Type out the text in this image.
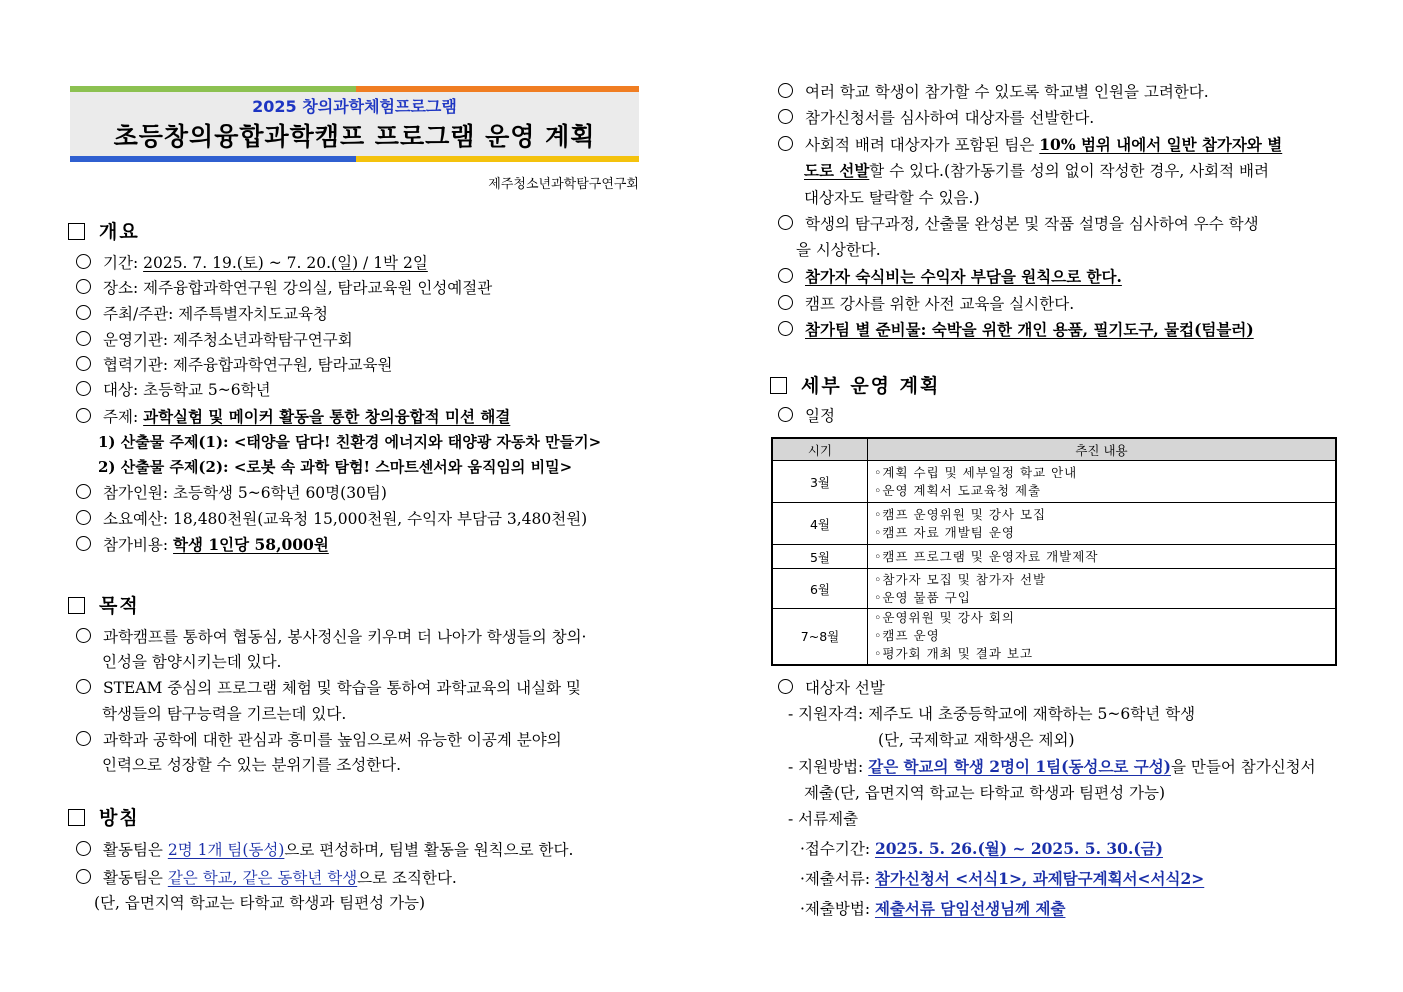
2025 창의과학체험프로그램
초등창의융합과학캠프 프로그램 운영 계획
제주청소년과학탐구연구회
개요
기간: 2025. 7. 19.(토) ~ 7. 20.(일) / 1박 2일
장소: 제주융합과학연구원 강의실, 탐라교육원 인성예절관
주최/주관: 제주특별자치도교육청
운영기관: 제주청소년과학탐구연구회
협력기관: 제주융합과학연구원, 탐라교육원
대상: 초등학교 5~6학년
주제: 과학실험 및 메이커 활동을 통한 창의융합적 미션 해결
1) 산출물 주제(1): <태양을 담다! 친환경 에너지와 태양광 자동차 만들기>
2) 산출물 주제(2): <로봇 속 과학 탐험! 스마트센서와 움직임의 비밀>
참가인원: 초등학생 5~6학년 60명(30팀)
소요예산: 18,480천원(교육청 15,000천원, 수익자 부담금 3,480천원)
참가비용: 학생 1인당 58,000원
목적
과학캠프를 통하여 협동심, 봉사정신을 키우며 더 나아가 학생들의 창의·
인성을 함양시키는데 있다.
STEAM 중심의 프로그램 체험 및 학습을 통하여 과학교육의 내실화 및
학생들의 탐구능력을 기르는데 있다.
과학과 공학에 대한 관심과 흥미를 높임으로써 유능한 이공계 분야의
인력으로 성장할 수 있는 분위기를 조성한다.
방침
활동팀은 2명 1개 팀(동성)으로 편성하며, 팀별 활동을 원칙으로 한다.
활동팀은 같은 학교, 같은 동학년 학생으로 조직한다.
(단, 읍면지역 학교는 타학교 학생과 팀편성 가능)
여러 학교 학생이 참가할 수 있도록 학교별 인원을 고려한다.
참가신청서를 심사하여 대상자를 선발한다.
사회적 배려 대상자가 포함된 팀은 10% 범위 내에서 일반 참가자와 별
도로 선발할 수 있다.(참가동기를 성의 없이 작성한 경우, 사회적 배려
대상자도 탈락할 수 있음.)
학생의 탐구과정, 산출물 완성본 및 작품 설명을 심사하여 우수 학생
을 시상한다.
참가자 숙식비는 수익자 부담을 원칙으로 한다.
캠프 강사를 위한 사전 교육을 실시한다.
참가팀 별 준비물: 숙박을 위한 개인 용품, 필기도구, 물컵(텀블러)
세부 운영 계획
일정
시기	추진 내용
3월	◦계획 수립 및 세부일정 학교 안내
◦운영 계획서 도교육청 제출

4월	◦캠프 운영위원 및 강사 모집
◦캠프 자료 개발팀 운영

5월	◦캠프 프로그램 및 운영자료 개발제작

6월	◦참가자 모집 및 참가자 선발
◦운영 물품 구입

7~8월	◦운영위원 및 강사 회의
◦캠프 운영
◦평가회 개최 및 결과 보고
대상자 선발
- 지원자격: 제주도 내 초중등학교에 재학하는 5~6학년 학생
(단, 국제학교 재학생은 제외)
- 지원방법: 같은 학교의 학생 2명이 1팀(동성으로 구성)을 만들어 참가신청서
제출(단, 읍면지역 학교는 타학교 학생과 팀편성 가능)
- 서류제출
·접수기간: 2025. 5. 26.(월) ~ 2025. 5. 30.(금)
·제출서류: 참가신청서 <서식1>, 과제탐구계획서<서식2>
·제출방법: 제출서류 담임선생님께 제출
